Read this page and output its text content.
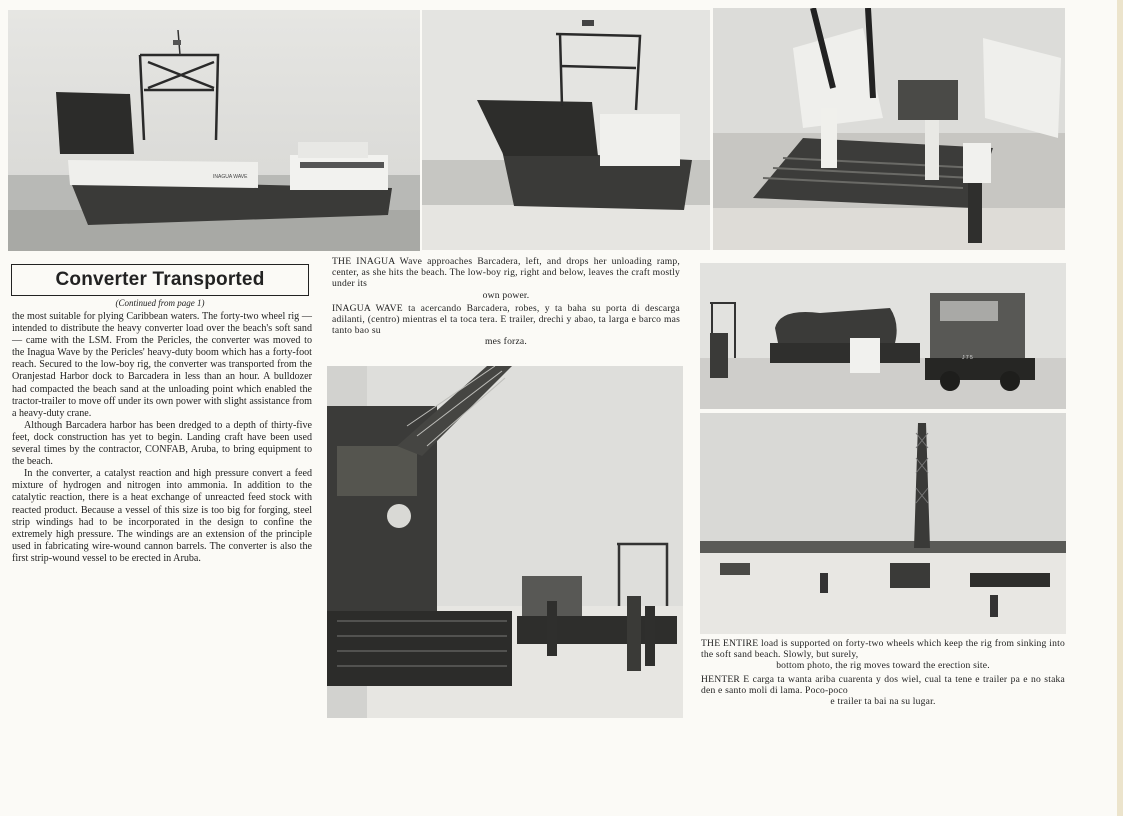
INAGUA WAVE

THE INAGUA Wave approaches Barcadera, left, and drops her unloading ramp, center, as she hits the beach. The low-boy rig, right and below, leaves the craft mostly under its
own power.

INAGUA WAVE ta acercando Barcadera, robes, y ta baha su porta di descarga adilanti, (centro) mientras el ta toca tera. E trailer, drechi y abao, ta larga e barco mas tanto bao su
mes forza.

J 7 5

THE ENTIRE load is supported on forty-two wheels which keep the rig from sinking into the soft sand beach. Slowly, but surely,
bottom photo, the rig moves toward the erection site.

HENTER E carga ta wanta ariba cuarenta y dos wiel, cual ta tene e trailer pa e no staka den e santo moli di lama. Poco-poco
e trailer ta bai na su lugar.

Converter Transported
(Continued from page 1)

the most suitable for plying Caribbean waters. The forty-two wheel rig — intended to distribute the heavy converter load over the beach's soft sand — came with the LSM. From the Pericles, the converter was moved to the Inagua Wave by the Pericles' heavy-duty boom which has a forty-foot reach. Secured to the low-boy rig, the converter was transported from the Oranjestad Harbor dock to Barcadera in less than an hour. A bulldozer had compacted the beach sand at the unloading point which enabled the tractor-trailer to move off under its own power with slight assistance from a heavy-duty crane.

Although Barcadera harbor has been dredged to a depth of thirty-five feet, dock construction has yet to begin. Landing craft have been used several times by the contractor, CONFAB, Aruba, to bring equipment to the beach.

In the converter, a catalyst reaction and high pressure convert a feed mixture of hydrogen and nitrogen into ammonia. In addition to the catalytic reaction, there is a heat exchange of unreacted feed stock with reacted product. Because a vessel of this size is too big for forging, steel strip windings had to be incorporated in the design to confine the extremely high pressure. The windings are an extension of the principle used in fabricating wire-wound cannon barrels. The converter is also the first strip-wound vessel to be erected in Aruba.
